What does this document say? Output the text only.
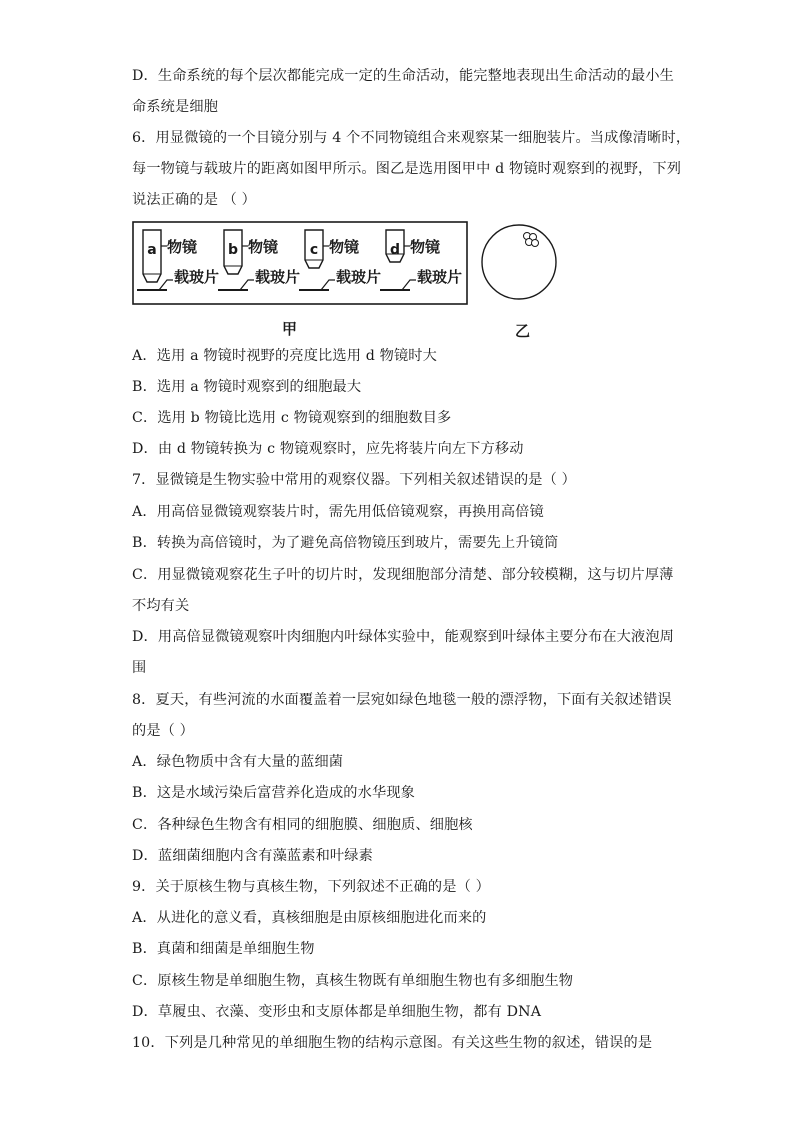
D．生命系统的每个层次都能完成一定的生命活动，能完整地表现出生命活动的最小生
命系统是细胞
6．用显微镜的一个目镜分别与 4 个不同物镜组合来观察某一细胞装片。当成像清晰时，
每一物镜与载玻片的距离如图甲所示。图乙是选用图甲中 d 物镜时观察到的视野，下列
说法正确的是 （ ）
a 物镜
载玻片
b 物镜
载玻片
c 物镜
载玻片
d 物镜
载玻片
甲	乙
A．选用 a 物镜时视野的亮度比选用 d 物镜时大
B．选用 a 物镜时观察到的细胞最大
C．选用 b 物镜比选用 c 物镜观察到的细胞数目多
D．由 d 物镜转换为 c 物镜观察时，应先将装片向左下方移动
7．显微镜是生物实验中常用的观察仪器。下列相关叙述错误的是（ ）
A．用高倍显微镜观察装片时，需先用低倍镜观察，再换用高倍镜
B．转换为高倍镜时，为了避免高倍物镜压到玻片，需要先上升镜筒
C．用显微镜观察花生子叶的切片时，发现细胞部分清楚、部分较模糊，这与切片厚薄
不均有关
D．用高倍显微镜观察叶肉细胞内叶绿体实验中，能观察到叶绿体主要分布在大液泡周
围
8．夏天，有些河流的水面覆盖着一层宛如绿色地毯一般的漂浮物，下面有关叙述错误
的是（ ）
A．绿色物质中含有大量的蓝细菌
B．这是水域污染后富营养化造成的水华现象
C．各种绿色生物含有相同的细胞膜、细胞质、细胞核
D．蓝细菌细胞内含有藻蓝素和叶绿素
9．关于原核生物与真核生物，下列叙述不正确的是（ ）
A．从进化的意义看，真核细胞是由原核细胞进化而来的
B．真菌和细菌是单细胞生物
C．原核生物是单细胞生物，真核生物既有单细胞生物也有多细胞生物
D．草履虫、衣藻、变形虫和支原体都是单细胞生物，都有 DNA
10．下列是几种常见的单细胞生物的结构示意图。有关这些生物的叙述，错误的是
